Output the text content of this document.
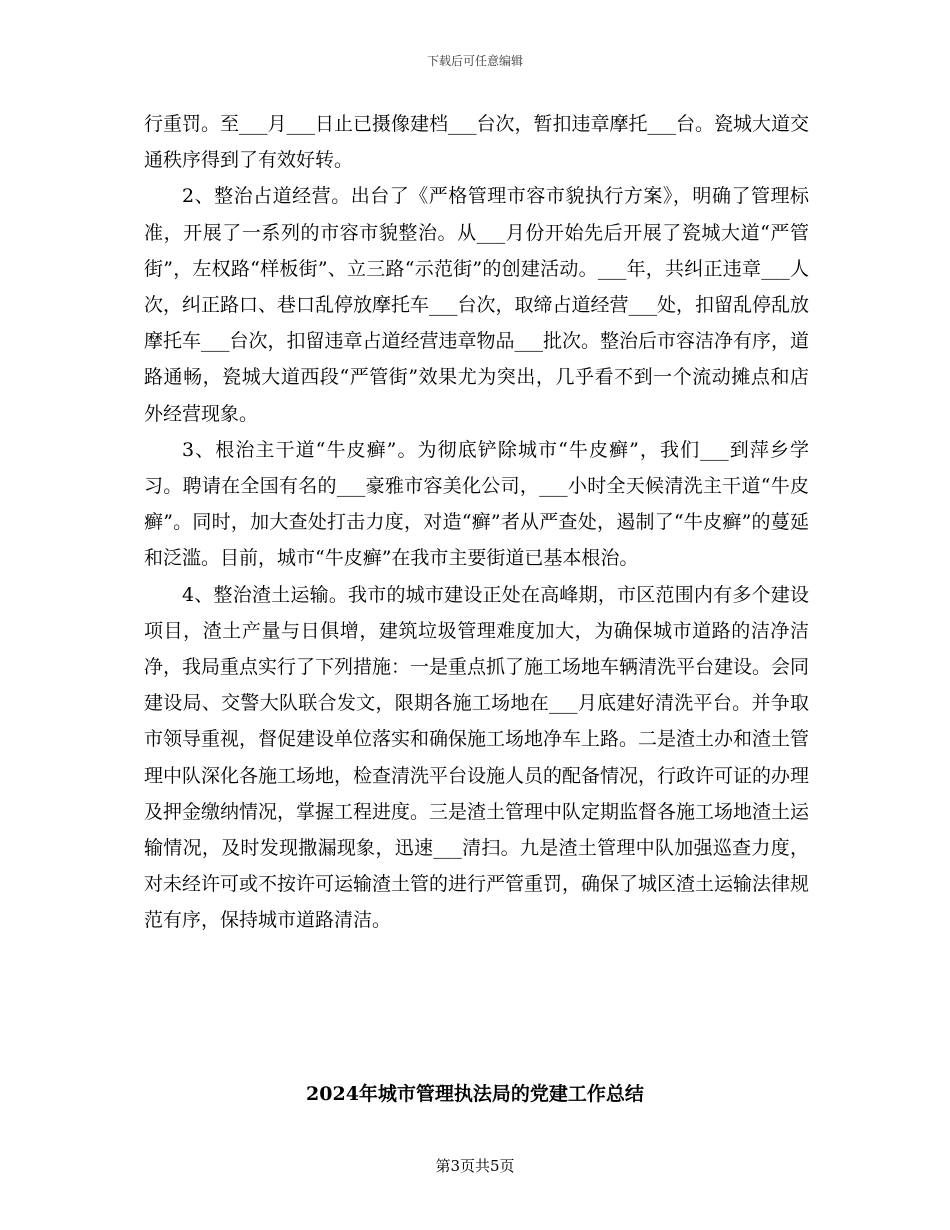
下载后可任意编辑

行重罚。至___月___日止已摄像建档___台次，暂扣违章摩托___台。瓷城大道交通秩序得到了有效好转。

2、整治占道经营。出台了《严格管理市容市貌执行方案》，明确了管理标准，开展了一系列的市容市貌整治。从___月份开始先后开展了瓷城大道“严管街”，左权路“样板街”、立三路“示范街”的创建活动。___年，共纠正违章___人次，纠正路口、巷口乱停放摩托车___台次，取缔占道经营___处，扣留乱停乱放摩托车___台次，扣留违章占道经营违章物品___批次。整治后市容洁净有序，道路通畅，瓷城大道西段“严管街”效果尤为突出，几乎看不到一个流动摊点和店外经营现象。

3、根治主干道“牛皮癣”。为彻底铲除城市“牛皮癣”，我们___到萍乡学习。聘请在全国有名的___豪雅市容美化公司，___小时全天候清洗主干道“牛皮癣”。同时，加大查处打击力度，对造“癣”者从严查处，遏制了“牛皮癣”的蔓延和泛滥。目前，城市“牛皮癣”在我市主要街道已基本根治。

4、整治渣土运输。我市的城市建设正处在高峰期，市区范围内有多个建设项目，渣土产量与日俱增，建筑垃圾管理难度加大，为确保城市道路的洁净洁净，我局重点实行了下列措施：一是重点抓了施工场地车辆清洗平台建设。会同建设局、交警大队联合发文，限期各施工场地在___月底建好清洗平台。并争取市领导重视，督促建设单位落实和确保施工场地净车上路。二是渣土办和渣土管理中队深化各施工场地，检查清洗平台设施人员的配备情况，行政许可证的办理及押金缴纳情况，掌握工程进度。三是渣土管理中队定期监督各施工场地渣土运输情况，及时发现撒漏现象，迅速___清扫。九是渣土管理中队加强巡查力度，对未经许可或不按许可运输渣土管的进行严管重罚，确保了城区渣土运输法律规范有序，保持城市道路清洁。

2024年城市管理执法局的党建工作总结
第3页共5页
